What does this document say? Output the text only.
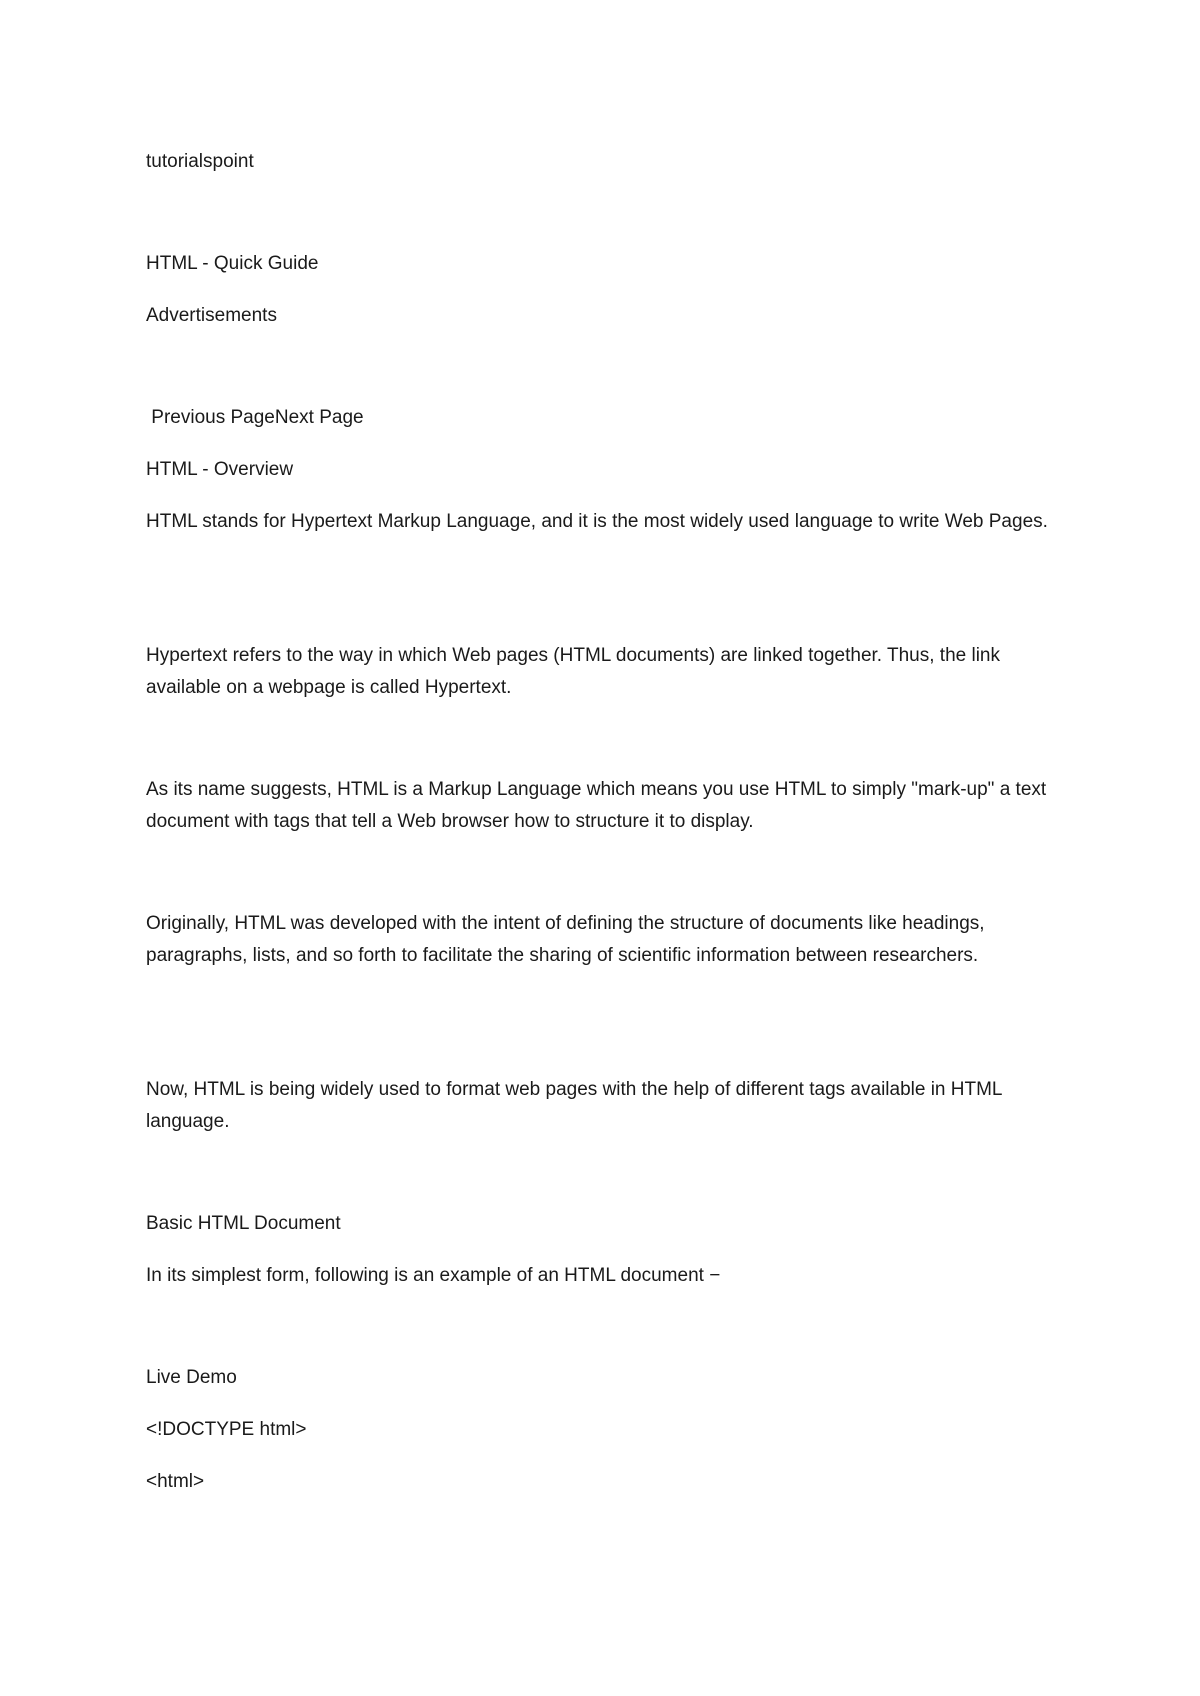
tutorialspoint
HTML - Quick Guide
Advertisements
Previous PageNext Page
HTML - Overview

HTML stands for Hypertext Markup Language, and it is the most widely used language to write Web Pages.

Hypertext refers to the way in which Web pages (HTML documents) are linked together. Thus, the link available on a webpage is called Hypertext.

As its name suggests, HTML is a Markup Language which means you use HTML to simply "mark-up" a text document with tags that tell a Web browser how to structure it to display.

Originally, HTML was developed with the intent of defining the structure of documents like headings, paragraphs, lists, and so forth to facilitate the sharing of scientific information between researchers.

Now, HTML is being widely used to format web pages with the help of different tags available in HTML language.

Basic HTML Document
In its simplest form, following is an example of an HTML document −
Live Demo
<!DOCTYPE html>
<html>
